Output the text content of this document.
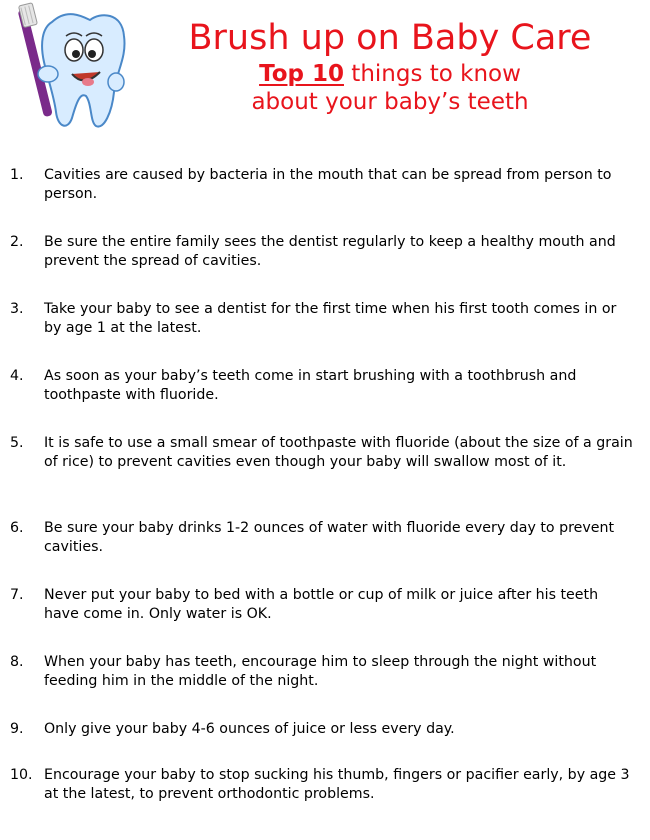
Brush up on Baby Care

Top 10 things to know

about your baby’s teeth

1.	Cavities are caused by bacteria in the mouth that can be spread from person to person.
2.	Be sure the entire family sees the dentist regularly to keep a healthy mouth and prevent the spread of cavities.
3.	Take your baby to see a dentist for the first time when his first tooth comes in or by age 1 at the latest.
4.	As soon as your baby’s teeth come in start brushing with a toothbrush and toothpaste with fluoride.
5.	It is safe to use a small smear of toothpaste with fluoride (about the size of a grain of rice) to prevent cavities even though your baby will swallow most of it.
6.	Be sure your baby drinks 1-2 ounces of water with fluoride every day to prevent cavities.
7.	Never put your baby to bed with a bottle or cup of milk or juice after his teeth have come in. Only water is OK.
8.	When your baby has teeth, encourage him to sleep through the night without feeding him in the middle of the night.
9.	Only give your baby 4-6 ounces of juice or less every day.
10. Encourage your baby to stop sucking his thumb, fingers or pacifier early, by age 3 at the latest, to prevent orthodontic problems.
